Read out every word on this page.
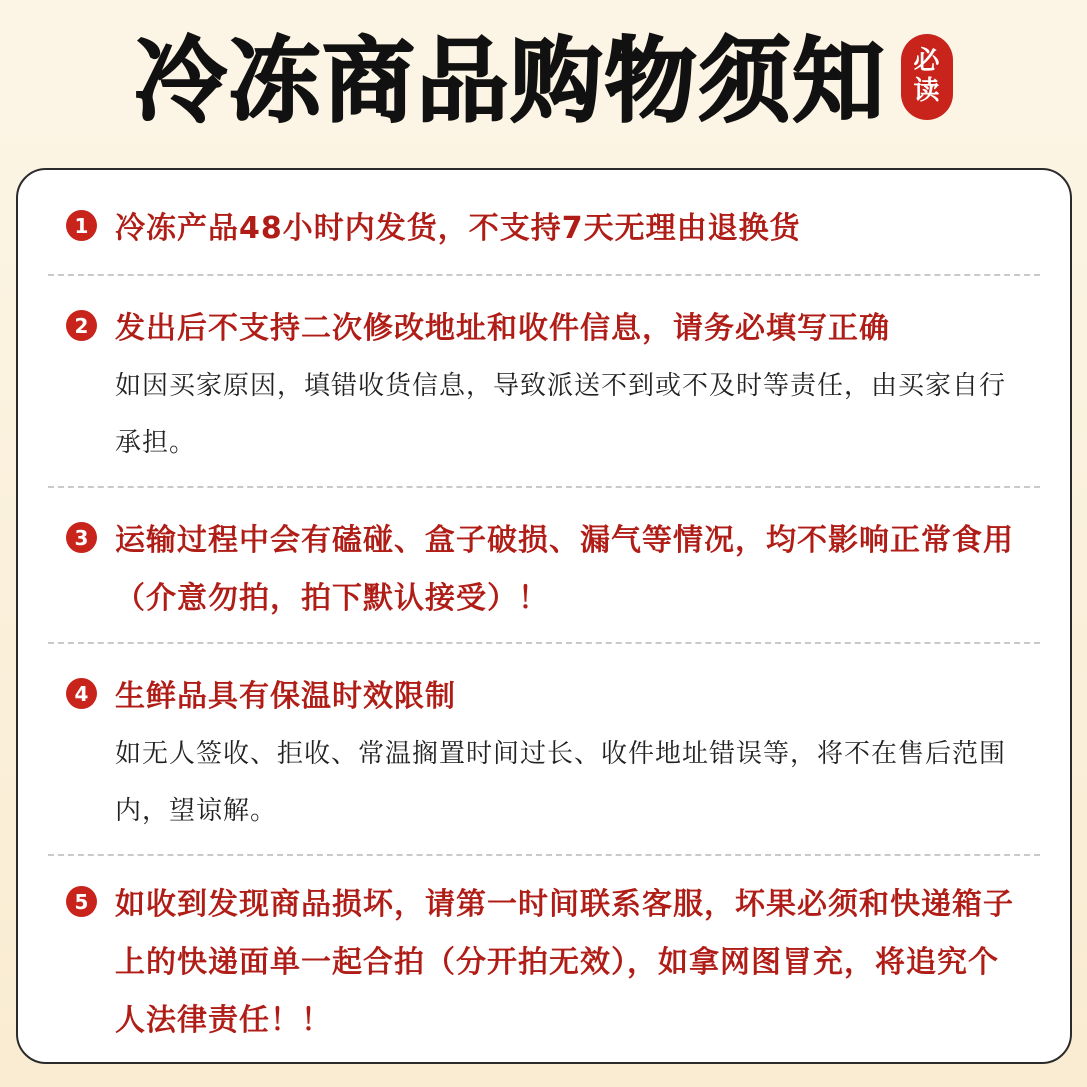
冷冻商品购物须知 必
读
1 冷冻产品48小时内发货，不支持7天无理由退换货
2 发出后不支持二次修改地址和收件信息，请务必填写正确
如因买家原因，填错收货信息，导致派送不到或不及时等责任，由买家自行承担。
3 运输过程中会有磕碰、盒子破损、漏气等情况，均不影响正常食用（介意勿拍，拍下默认接受）！
4 生鲜品具有保温时效限制
如无人签收、拒收、常温搁置时间过长、收件地址错误等，将不在售后范围内，望谅解。
5 如收到发现商品损坏，请第一时间联系客服，坏果必须和快递箱子上的快递面单一起合拍（分开拍无效），如拿网图冒充，将追究个人法律责任！！
